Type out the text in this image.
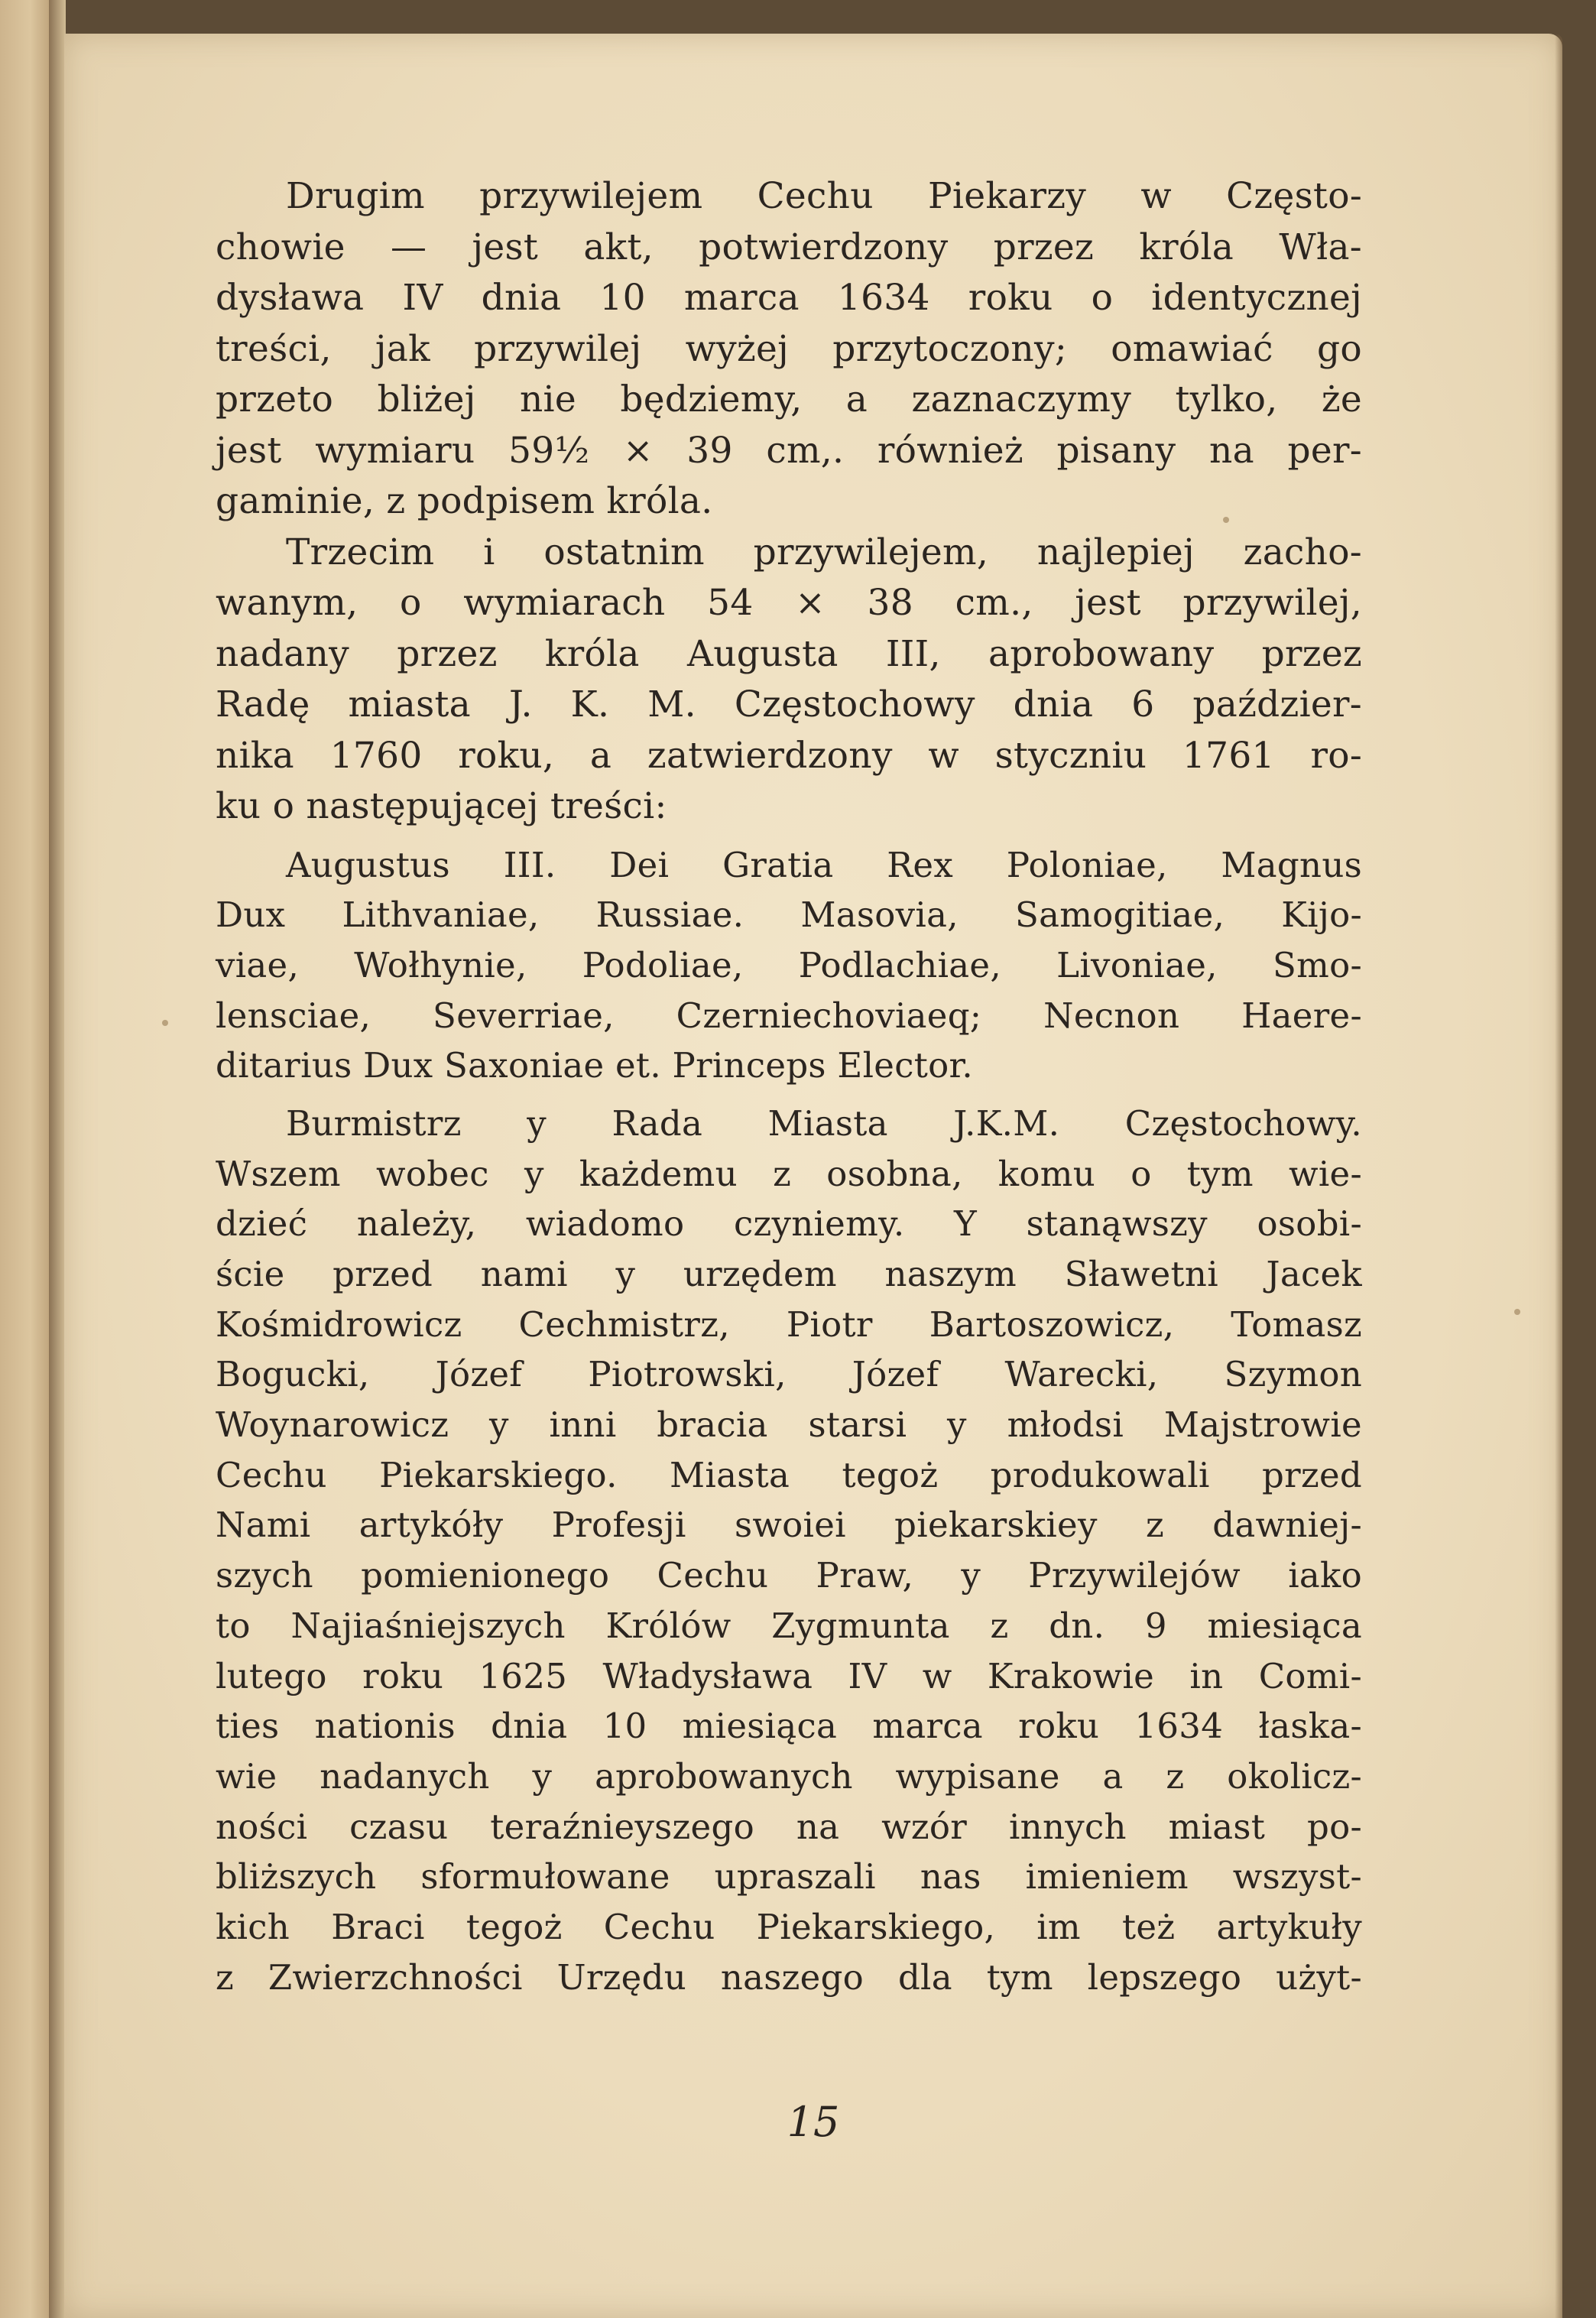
Drugim przywilejem Cechu Piekarzy w Często-
chowie — jest akt, potwierdzony przez króla Wła-
dysława IV dnia 10 marca 1634 roku o identycznej
treści, jak przywilej wyżej przytoczony; omawiać go
przeto bliżej nie będziemy, a zaznaczymy tylko, że
jest wymiaru 59½ × 39 cm,. również pisany na per-
gaminie, z podpisem króla.
Trzecim i ostatnim przywilejem, najlepiej zacho-
wanym, o wymiarach 54 × 38 cm., jest przywilej,
nadany przez króla Augusta III, aprobowany przez
Radę miasta J. K. M. Częstochowy dnia 6 paździer-
nika 1760 roku, a zatwierdzony w styczniu 1761 ro-
ku o następującej treści:
Augustus III. Dei Gratia Rex Poloniae, Magnus
Dux Lithvaniae, Russiae. Masovia, Samogitiae, Kijo-
viae, Wołhynie, Podoliae, Podlachiae, Livoniae, Smo-
lensciae, Severriae, Czerniechoviaeq; Necnon Haere-
ditarius Dux Saxoniae et. Princeps Elector.
Burmistrz y Rada Miasta J.K.M. Częstochowy.
Wszem wobec y każdemu z osobna, komu o tym wie-
dzieć należy, wiadomo czyniemy. Y stanąwszy osobi-
ście przed nami y urzędem naszym Sławetni Jacek
Kośmidrowicz Cechmistrz, Piotr Bartoszowicz, Tomasz
Bogucki, Józef Piotrowski, Józef Warecki, Szymon
Woynarowicz y inni bracia starsi y młodsi Majstrowie
Cechu Piekarskiego. Miasta tegoż produkowali przed
Nami artykóły Profesji swoiei piekarskiey z dawniej-
szych pomienionego Cechu Praw, y Przywilejów iako
to Najiaśniejszych Królów Zygmunta z dn. 9 miesiąca
lutego roku 1625 Władysława IV w Krakowie in Comi-
ties nationis dnia 10 miesiąca marca roku 1634 łaska-
wie nadanych y aprobowanych wypisane a z okolicz-
ności czasu teraźnieyszego na wzór innych miast po-
bliższych sformułowane upraszali nas imieniem wszyst-
kich Braci tegoż Cechu Piekarskiego, im też artykuły
z Zwierzchności Urzędu naszego dla tym lepszego użyt-
15
